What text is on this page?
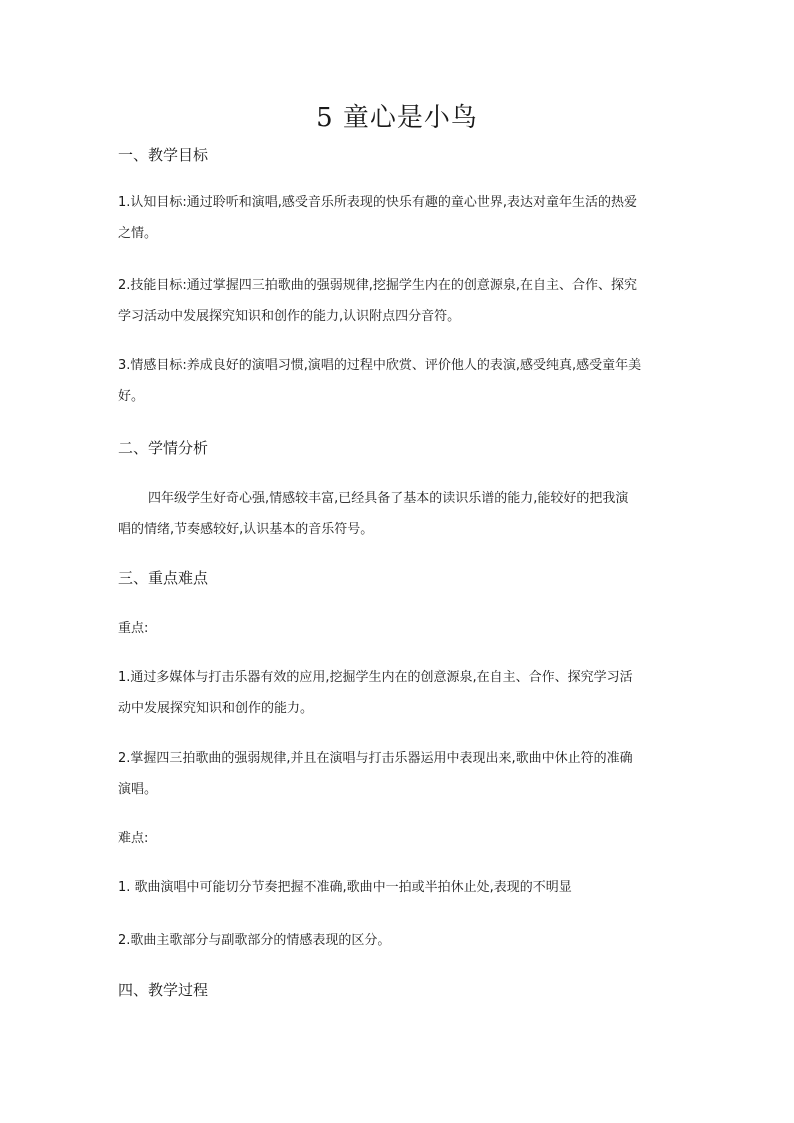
5 童心是小鸟
一、教学目标
1.认知目标:通过聆听和演唱,感受音乐所表现的快乐有趣的童心世界,表达对童年生活的热爱
之情。
2.技能目标:通过掌握四三拍歌曲的强弱规律,挖掘学生内在的创意源泉,在自主、合作、探究
学习活动中发展探究知识和创作的能力,认识附点四分音符。
3.情感目标:养成良好的演唱习惯,演唱的过程中欣赏、评价他人的表演,感受纯真,感受童年美
好。
二、学情分析
四年级学生好奇心强,情感较丰富,已经具备了基本的读识乐谱的能力,能较好的把我演
唱的情绪,节奏感较好,认识基本的音乐符号。
三、重点难点
重点:
1.通过多媒体与打击乐器有效的应用,挖掘学生内在的创意源泉,在自主、合作、探究学习活
动中发展探究知识和创作的能力。
2.掌握四三拍歌曲的强弱规律,并且在演唱与打击乐器运用中表现出来,歌曲中休止符的准确
演唱。
难点:
1. 歌曲演唱中可能切分节奏把握不准确,歌曲中一拍或半拍休止处,表现的不明显
2.歌曲主歌部分与副歌部分的情感表现的区分。
四、教学过程
